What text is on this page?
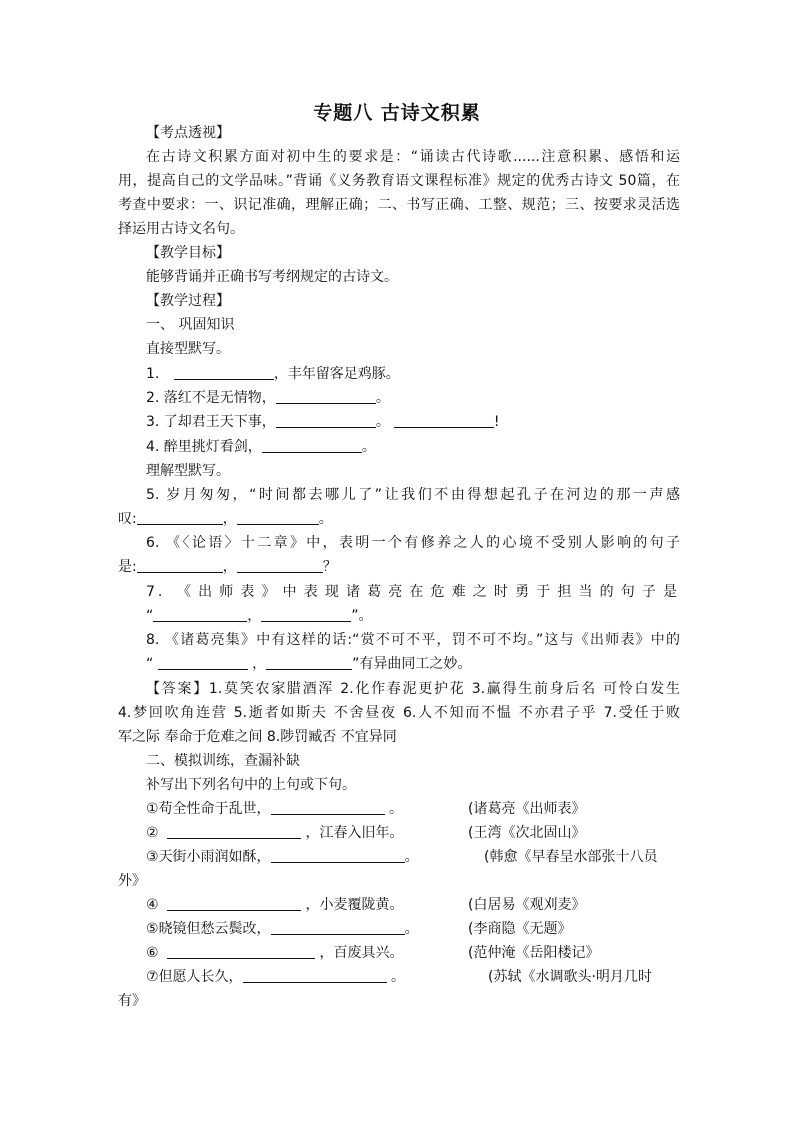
专题八 古诗文积累
【考点透视】
在古诗文积累方面对初中生的要求是：“诵读古代诗歌......注意积累、感悟和运
用，提高自己的文学品味。”背诵《义务教育语文课程标准》规定的优秀古诗文 50篇，在
考查中要求：一、识记准确，理解正确；二、书写正确、工整、规范；三、按要求灵活选
择运用古诗文名句。
【教学目标】
能够背诵并正确书写考纲规定的古诗文。
【教学过程】
一、 巩固知识
直接型默写。
1.	，丰年留客足鸡豚。
2. 落红不是无情物，	。
3. 了却君王天下事，	。	!
4. 醉里挑灯看剑，	。
理解型默写。
5. 岁月匆匆，“时间都去哪儿了”让我们不由得想起孔子在河边的那一声感
叹:	，	。
6. 《〈论语〉十二章》中，表明一个有修养之人的心境不受别人影响的句子
是:	，	？
7. 《出师表》中表现诸葛亮在危难之时勇于担当的句子是
“	，	”。
8. 《诸葛亮集》中有这样的话:“赏不可不平，罚不可不均。”这与《出师表》中的
“	，	”有异曲同工之妙。
【答案】1.莫笑农家腊酒浑 2.化作春泥更护花 3.赢得生前身后名 可怜白发生
4.梦回吹角连营 5.逝者如斯夫 不舍昼夜 6.人不知而不愠 不亦君子乎 7.受任于败
军之际 奉命于危难之间 8.陟罚臧否 不宜异同
二、模拟训练，查漏补缺
补写出下列名句中的上句或下句。
①苟全性命于乱世，	。	(诸葛亮《出师表》
②	，江春入旧年。	(王湾《次北固山》
③天街小雨润如酥，	。	(韩愈《早春呈水部张十八员
外》
④	，小麦覆陇黄。	(白居易《观刈麦》
⑤晓镜但愁云鬓改，	。	(李商隐《无题》
⑥	，百废具兴。	(范仲淹《岳阳楼记》
⑦但愿人长久，	。	(苏轼《水调歌头·明月几时
有》
